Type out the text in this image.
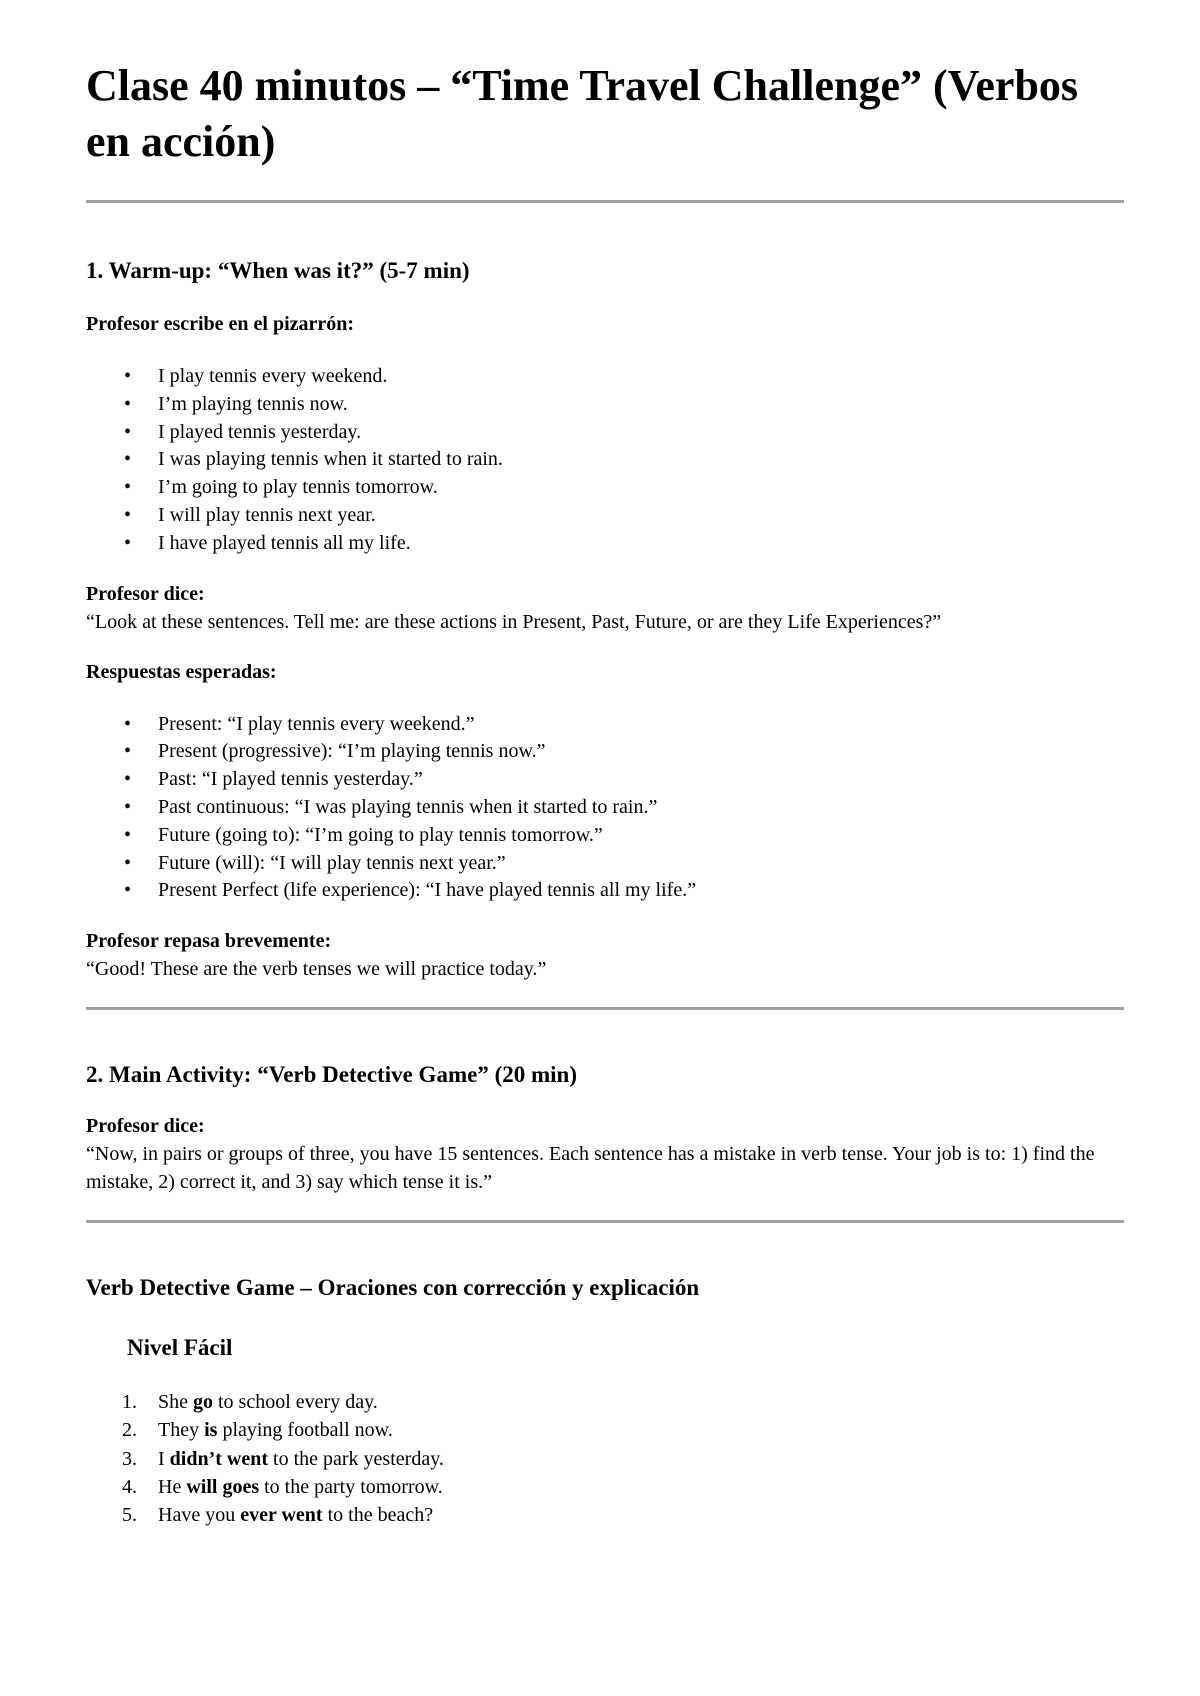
Clase 40 minutos – “Time Travel Challenge” (Verbos en acción)
1. Warm-up: “When was it?” (5-7 min)

Profesor escribe en el pizarrón:

• I play tennis every weekend.
• I’m playing tennis now.
• I played tennis yesterday.
• I was playing tennis when it started to rain.
• I’m going to play tennis tomorrow.
• I will play tennis next year.
• I have played tennis all my life.

Profesor dice:

“Look at these sentences. Tell me: are these actions in Present, Past, Future, or are they Life Experiences?”

Respuestas esperadas:

• Present: “I play tennis every weekend.”
• Present (progressive): “I’m playing tennis now.”
• Past: “I played tennis yesterday.”
• Past continuous: “I was playing tennis when it started to rain.”
• Future (going to): “I’m going to play tennis tomorrow.”
• Future (will): “I will play tennis next year.”
• Present Perfect (life experience): “I have played tennis all my life.”

Profesor repasa brevemente:

“Good! These are the verb tenses we will practice today.”

2. Main Activity: “Verb Detective Game” (20 min)

Profesor dice:

“Now, in pairs or groups of three, you have 15 sentences. Each sentence has a mistake in verb tense. Your job is to: 1) find the mistake, 2) correct it, and 3) say which tense it is.”

Verb Detective Game – Oraciones con corrección y explicación

Nivel Fácil

1. She go to school every day.
2. They is playing football now.
3. I didn’t went to the park yesterday.
4. He will goes to the party tomorrow.
5. Have you ever went to the beach?
